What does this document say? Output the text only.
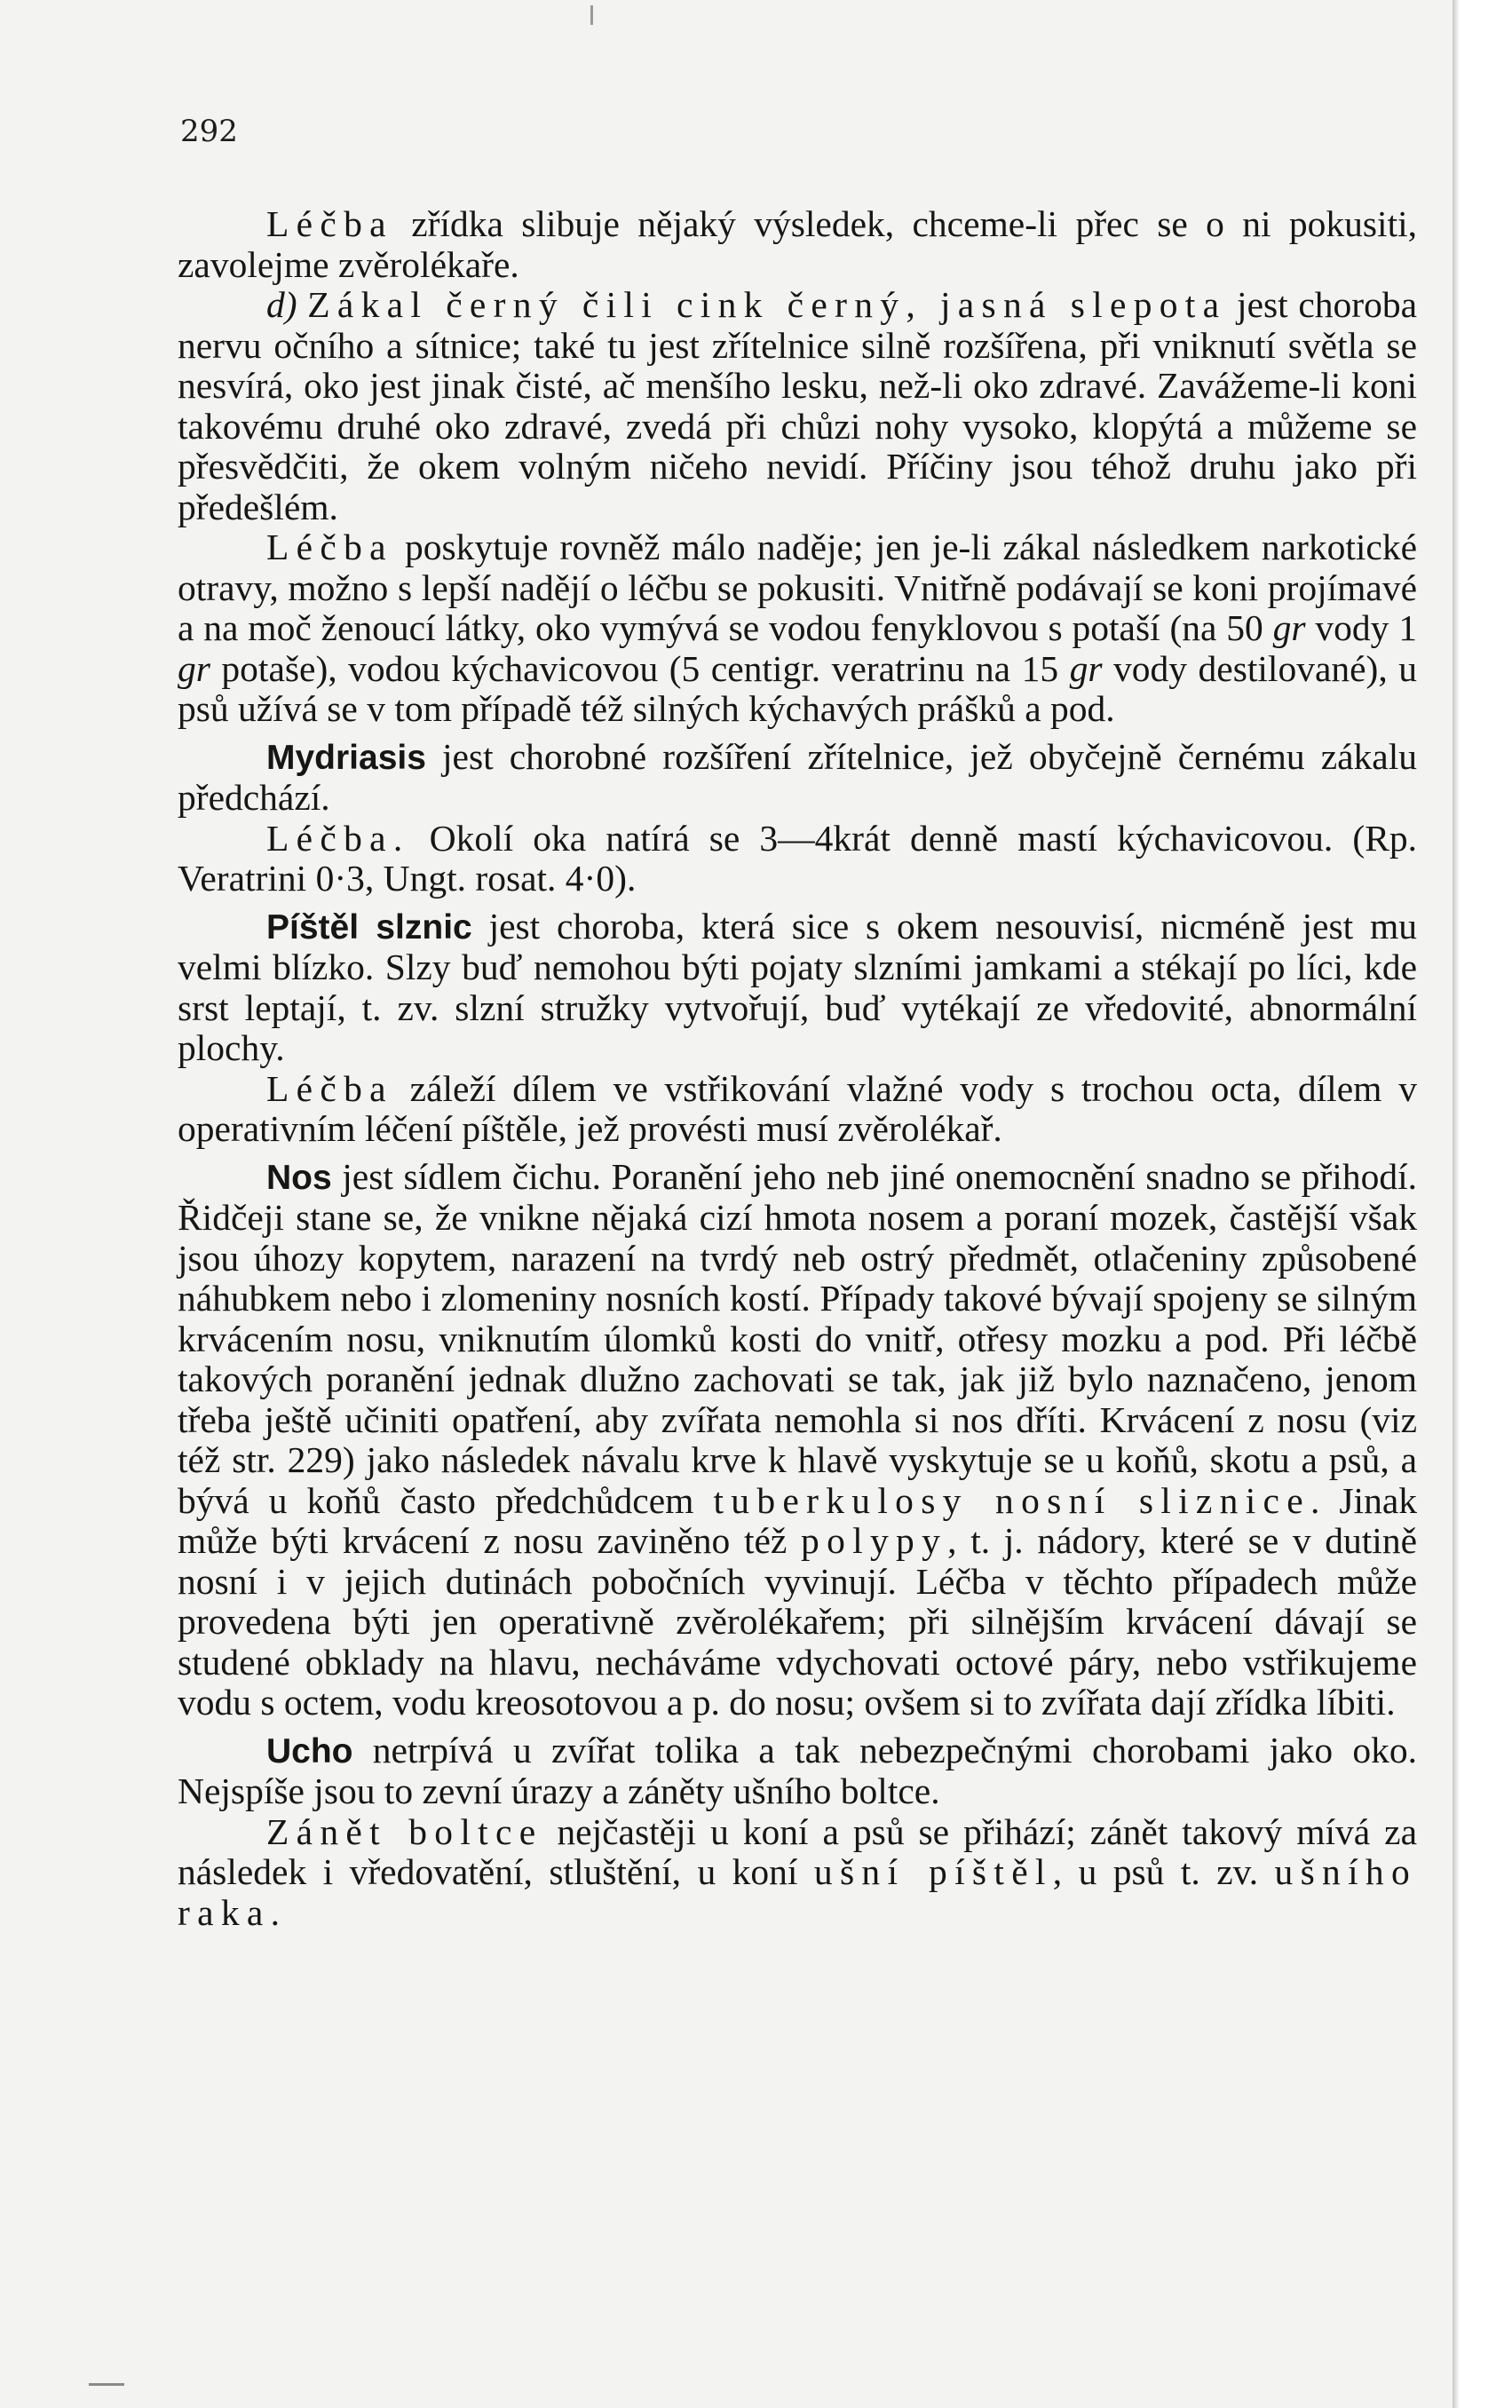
292

Léčba zřídka slibuje nějaký výsledek, chceme-li přec se o ni pokusiti, zavolejme zvěrolékaře.

d) Zákal černý čili cink černý, jasná slepota jest choroba nervu očního a sítnice; také tu jest zřítelnice silně rozšířena, při vniknutí světla se nesvírá, oko jest jinak čisté, ač menšího lesku, než-li oko zdravé. Zavážeme-li koni takovému druhé oko zdravé, zvedá při chůzi nohy vysoko, klopýtá a můžeme se přesvědčiti, že okem volným ničeho nevidí. Příčiny jsou téhož druhu jako při předešlém.

Léčba poskytuje rovněž málo naděje; jen je-li zákal následkem narkotické otravy, možno s lepší nadějí o léčbu se pokusiti. Vnitřně podávají se koni projímavé a na moč ženoucí látky, oko vymývá se vodou fenyklovou s potaší (na 50 gr vody 1 gr potaše), vodou kýchavicovou (5 centigr. veratrinu na 15 gr vody destilované), u psů užívá se v tom případě též silných kýchavých prášků a pod.

Mydriasis jest chorobné rozšíření zřítelnice, jež obyčejně černému zákalu předchází.

Léčba. Okolí oka natírá se 3—4krát denně mastí kýchavicovou. (Rp. Veratrini 0·3, Ungt. rosat. 4·0).

Píštěl slznic jest choroba, která sice s okem nesouvisí, nicméně jest mu velmi blízko. Slzy buď nemohou býti pojaty slzními jamkami a stékají po líci, kde srst leptají, t. zv. slzní stružky vytvořují, buď vytékají ze vředovité, abnormální plochy.

Léčba záleží dílem ve vstřikování vlažné vody s trochou octa, dílem v operativním léčení píštěle, jež provésti musí zvěrolékař.

Nos jest sídlem čichu. Poranění jeho neb jiné onemocnění snadno se přihodí. Řidčeji stane se, že vnikne nějaká cizí hmota nosem a poraní mozek, častější však jsou úhozy kopytem, narazení na tvrdý neb ostrý předmět, otlačeniny způsobené náhubkem nebo i zlomeniny nosních kostí. Případy takové bývají spojeny se silným krvácením nosu, vniknutím úlomků kosti do vnitř, otřesy mozku a pod. Při léčbě takových poranění jednak dlužno zachovati se tak, jak již bylo naznačeno, jenom třeba ještě učiniti opatření, aby zvířata nemohla si nos dříti. Krvácení z nosu (viz též str. 229) jako následek návalu krve k hlavě vyskytuje se u koňů, skotu a psů, a bývá u koňů často předchůdcem tuberkulosy nosní sliznice. Jinak může býti krvácení z nosu zaviněno též polypy, t. j. nádory, které se v dutině nosní i v jejich dutinách pobočních vyvinují. Léčba v těchto případech může provedena býti jen operativně zvěrolékařem; při silnějším krvácení dávají se studené obklady na hlavu, necháváme vdychovati octové páry, nebo vstřikujeme vodu s octem, vodu kreosotovou a p. do nosu; ovšem si to zvířata dají zřídka líbiti.

Ucho netrpívá u zvířat tolika a tak nebezpečnými chorobami jako oko. Nejspíše jsou to zevní úrazy a záněty ušního boltce.

Zánět boltce nejčastěji u koní a psů se přihází; zánět takový mívá za následek i vředovatění, stluštění, u koní ušní píštěl, u psů t. zv. ušního raka.
